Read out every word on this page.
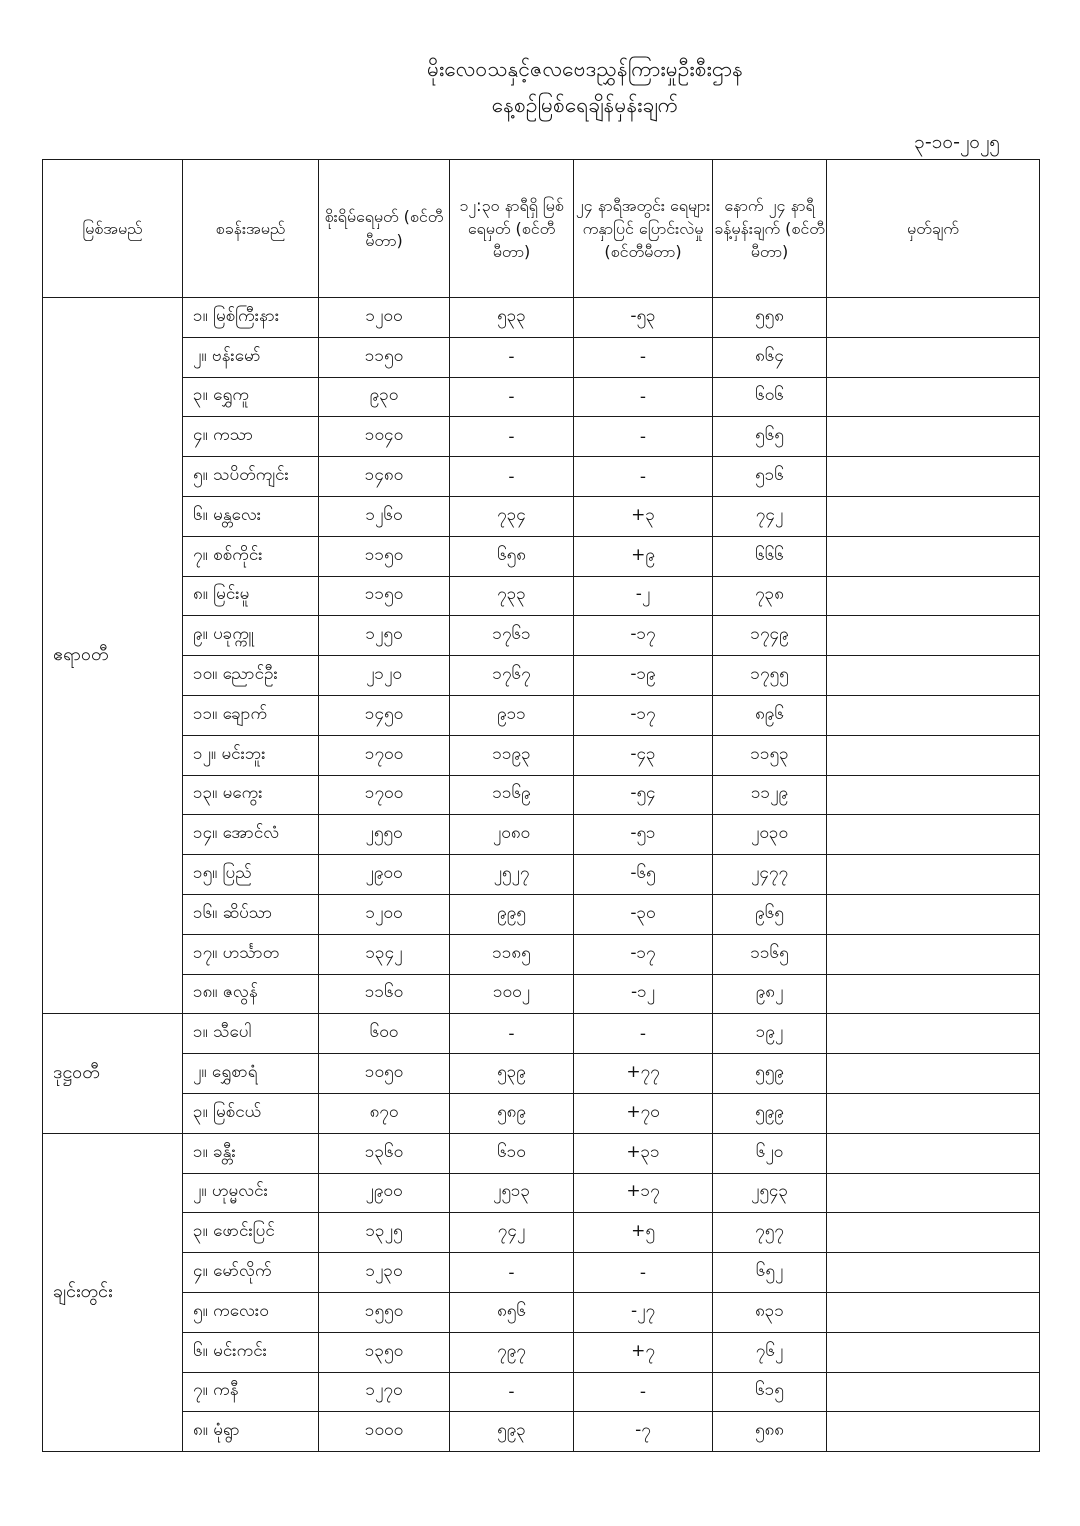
မိုးလေဝသနှင့်ဇလဗေဒညွှန်ကြားမှုဦးစီးဌာန
နေ့စဉ်မြစ်ရေချိန်မှန်းချက်
၃-၁၀-၂၀၂၅
မြစ်အမည်	စခန်းအမည်	စိုးရိမ်ရေမှတ် (စင်တီမီတာ)	၁၂:၃၀ နာရီရှိ မြစ်ရေမှတ် (စင်တီမီတာ)	၂၄ နာရီအတွင်း ရေများကနှာပြင် ပြောင်းလဲမှု (စင်တီမီတာ)	နောက် ၂၄ နာရီ ခန့်မှန်းချက် (စင်တီမီတာ)	မှတ်ချက်
ဧရာဝတီ	၁။ မြစ်ကြီးနား	၁၂၀၀	၅၃၃	-၅၃	၅၅၈	
	၂။ ဗန်းမော်	၁၁၅၀	-	-	၈၆၄	
	၃။ ရွှေကူ	၉၃၀	-	-	၆၀၆	
	၄။ ကသာ	၁၀၄၀	-	-	၅၆၅	
	၅။ သပိတ်ကျင်း	၁၄၈၀	-	-	၅၁၆	
	၆။ မန္တလေး	၁၂၆၀	၇၃၄	+၃	၇၄၂	
	၇။ စစ်ကိုင်း	၁၁၅၀	၆၅၈	+၉	၆၆၆	
	၈။ မြင်းမူ	၁၁၅၀	၇၃၃	-၂	၇၃၈	
	၉။ ပခုက္ကူ	၁၂၅၀	၁၇၆၁	-၁၇	၁၇၄၉	
	၁၀။ ညောင်ဦး	၂၁၂၀	၁၇၆၇	-၁၉	၁၇၅၅	
	၁၁။ ချောက်	၁၄၅၀	၉၁၁	-၁၇	၈၉၆	
	၁၂။ မင်းဘူး	၁၇၀၀	၁၁၉၃	-၄၃	၁၁၅၃	
	၁၃။ မကွေး	၁၇၀၀	၁၁၆၉	-၅၄	၁၁၂၉	
	၁၄။ အောင်လံ	၂၅၅၀	၂၀၈၀	-၅၁	၂၀၃၀	
	၁၅။ ပြည်	၂၉၀၀	၂၅၂၇	-၆၅	၂၄၇၇	
	၁၆။ ဆိပ်သာ	၁၂၀၀	၉၉၅	-၃၀	၉၆၅	
	၁၇။ ဟင်္သာတ	၁၃၄၂	၁၁၈၅	-၁၇	၁၁၆၅	
	၁၈။ ဇလွန်	၁၁၆၀	၁၀၀၂	-၁၂	၉၈၂	
ဒုဋ္ဌဝတီ	၁။ သီပေါ	၆၀၀	-	-	၁၉၂	
	၂။ ရွှေစာရံ	၁၀၅၀	၅၃၉	+၇၇	၅၅၉	
	၃။ မြစ်ငယ်	၈၇၀	၅၈၉	+၇၀	၅၉၉	
ချင်းတွင်း	၁။ ခန္တီး	၁၃၆၀	၆၁၀	+၃၁	၆၂၀	
	၂။ ဟုမ္မလင်း	၂၉၀၀	၂၅၁၃	+၁၇	၂၅၄၃	
	၃။ ဖောင်းပြင်	၁၃၂၅	၇၄၂	+၅	၇၅၇	
	၄။ မော်လိုက်	၁၂၃၀	-	-	၆၅၂	
	၅။ ကလေးဝ	၁၅၅၀	၈၅၆	-၂၇	၈၃၁	
	၆။ မင်းကင်း	၁၃၅၀	၇၉၇	+၇	၇၆၂	
	၇။ ကနီ	၁၂၇၀	-	-	၆၁၅	
	၈။ မုံရွာ	၁၀၀၀	၅၉၃	-၇	၅၈၈	
